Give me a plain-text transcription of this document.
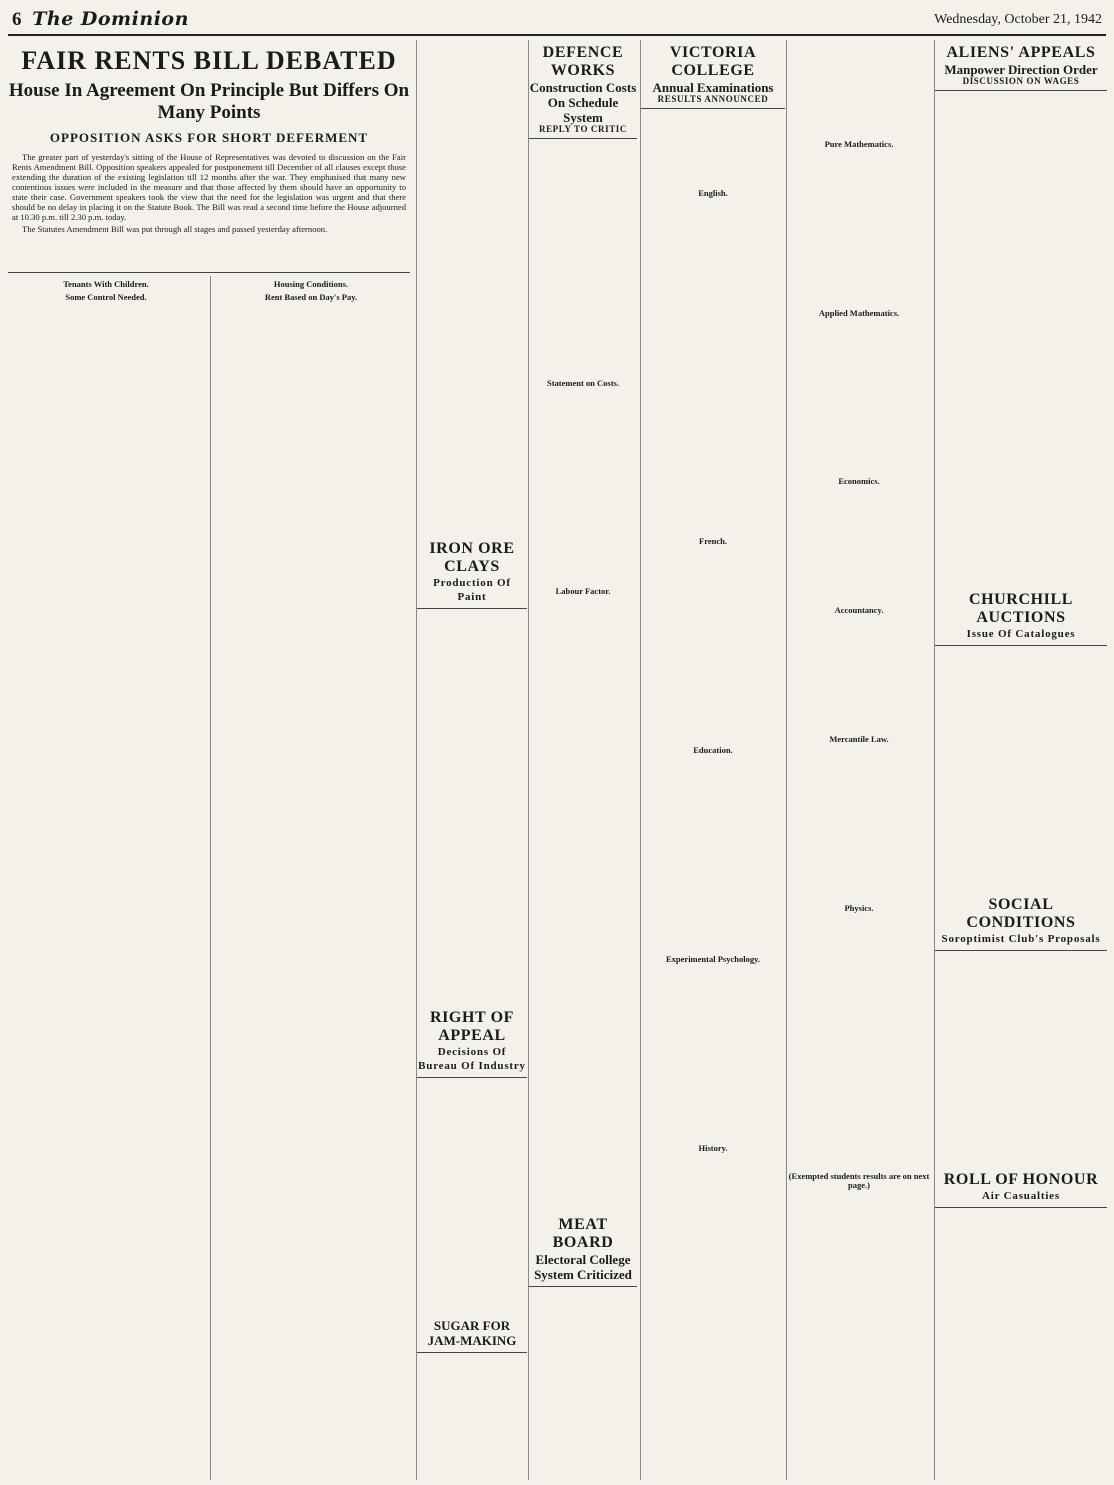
6 The Dominion	Wednesday, October 21, 1942
FAIR RENTS BILL DEBATED
House In Agreement On Principle But Differs On Many Points
OPPOSITION ASKS FOR SHORT DEFERMENT

The greater part of yesterday's sitting of the House of Representatives was devoted to discussion on the Fair Rents Amendment Bill. Opposition speakers appealed for postponement till December of all clauses except those extending the duration of the existing legislation till 12 months after the war. They emphasised that many new contentious issues were included in the measure and that those affected by them should have an opportunity to state their case. Government speakers took the view that the need for the legislation was urgent and that there should be no delay in placing it on the Statute Book. The Bill was read a second time before the House adjourned at 10.30 p.m. till 2.30 p.m. today.

The Statutes Amendment Bill was put through all stages and passed yesterday afternoon.

Tenants With Children.
Some Control Needed.

Housing Conditions.
Rent Based on Day's Pay.
IRON ORE CLAYS
Production Of Paint
RIGHT OF APPEAL
Decisions Of Bureau Of Industry
SUGAR FOR JAM-MAKING
DEFENCE WORKS
Construction Costs On Schedule System
REPLY TO CRITIC
Statement on Costs.
Labour Factor.
MEAT BOARD
Electoral College System Criticized
VICTORIA COLLEGE
Annual Examinations
RESULTS ANNOUNCED
English.
French.
Education.
Experimental Psychology.
History.
Pure Mathematics.
Applied Mathematics.
Economics.
Accountancy.
Mercantile Law.
Physics.
(Exempted students results are on next page.)
ALIENS' APPEALS
Manpower Direction Order
DISCUSSION ON WAGES
CHURCHILL AUCTIONS
Issue Of Catalogues
SOCIAL CONDITIONS
Soroptimist Club's Proposals
ROLL OF HONOUR
Air Casualties
